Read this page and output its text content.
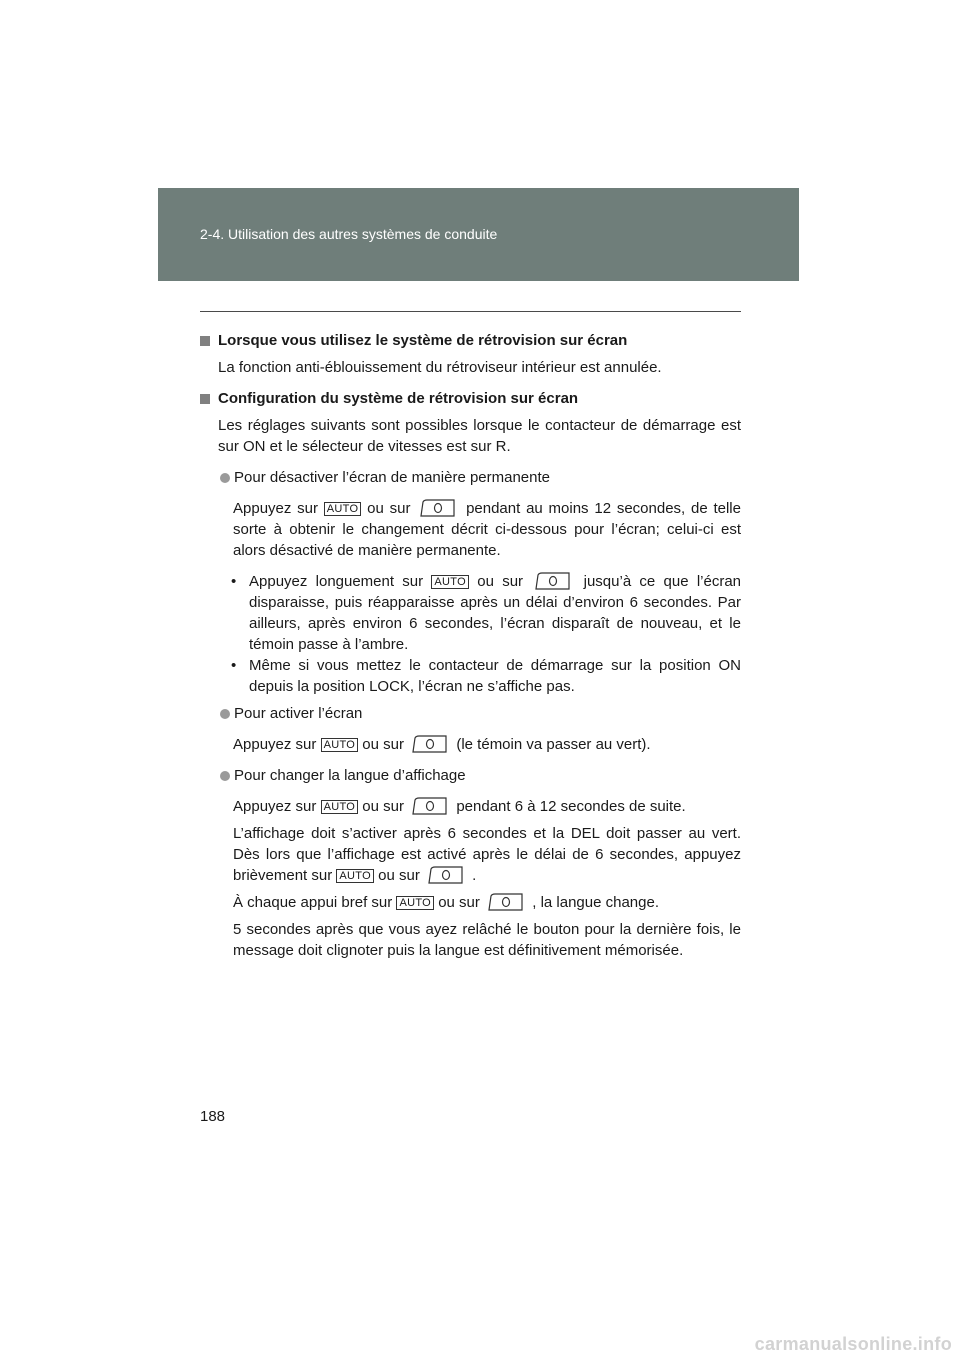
2-4. Utilisation des autres systèmes de conduite
Lorsque vous utilisez le système de rétrovision sur écran
La fonction anti-éblouissement du rétroviseur intérieur est annulée.
Configuration du système de rétrovision sur écran
Les réglages suivants sont possibles lorsque le contacteur de démarrage est sur ON et le sélecteur de vitesses est sur R.
Pour désactiver l’écran de manière permanente
Appuyez sur AUTO ou sur	pendant au moins 12 secondes, de telle sorte à obtenir le changement décrit ci-dessous pour l’écran; celui-ci est alors désactivé de manière permanente.
• Appuyez longuement sur AUTO ou sur	jusqu’à ce que l’écran disparaisse, puis réapparaisse après un délai d’environ 6 secondes. Par ailleurs, après environ 6 secondes, l’écran disparaît de nouveau, et le témoin passe à l’ambre.
• Même si vous mettez le contacteur de démarrage sur la position ON depuis la position LOCK, l’écran ne s’affiche pas.
Pour activer l’écran
Appuyez sur AUTO ou sur	(le témoin va passer au vert).
Pour changer la langue d’affichage
Appuyez sur AUTO ou sur	pendant 6 à 12 secondes de suite.
L’affichage doit s’activer après 6 secondes et la DEL doit passer au vert. Dès lors que l’affichage est activé après le délai de 6 secondes, appuyez brièvement sur AUTO ou sur	.
À chaque appui bref sur AUTO ou sur	, la langue change.
5 secondes après que vous ayez relâché le bouton pour la dernière fois, le message doit clignoter puis la langue est définitivement mémorisée.
188
carmanualsonline.info
